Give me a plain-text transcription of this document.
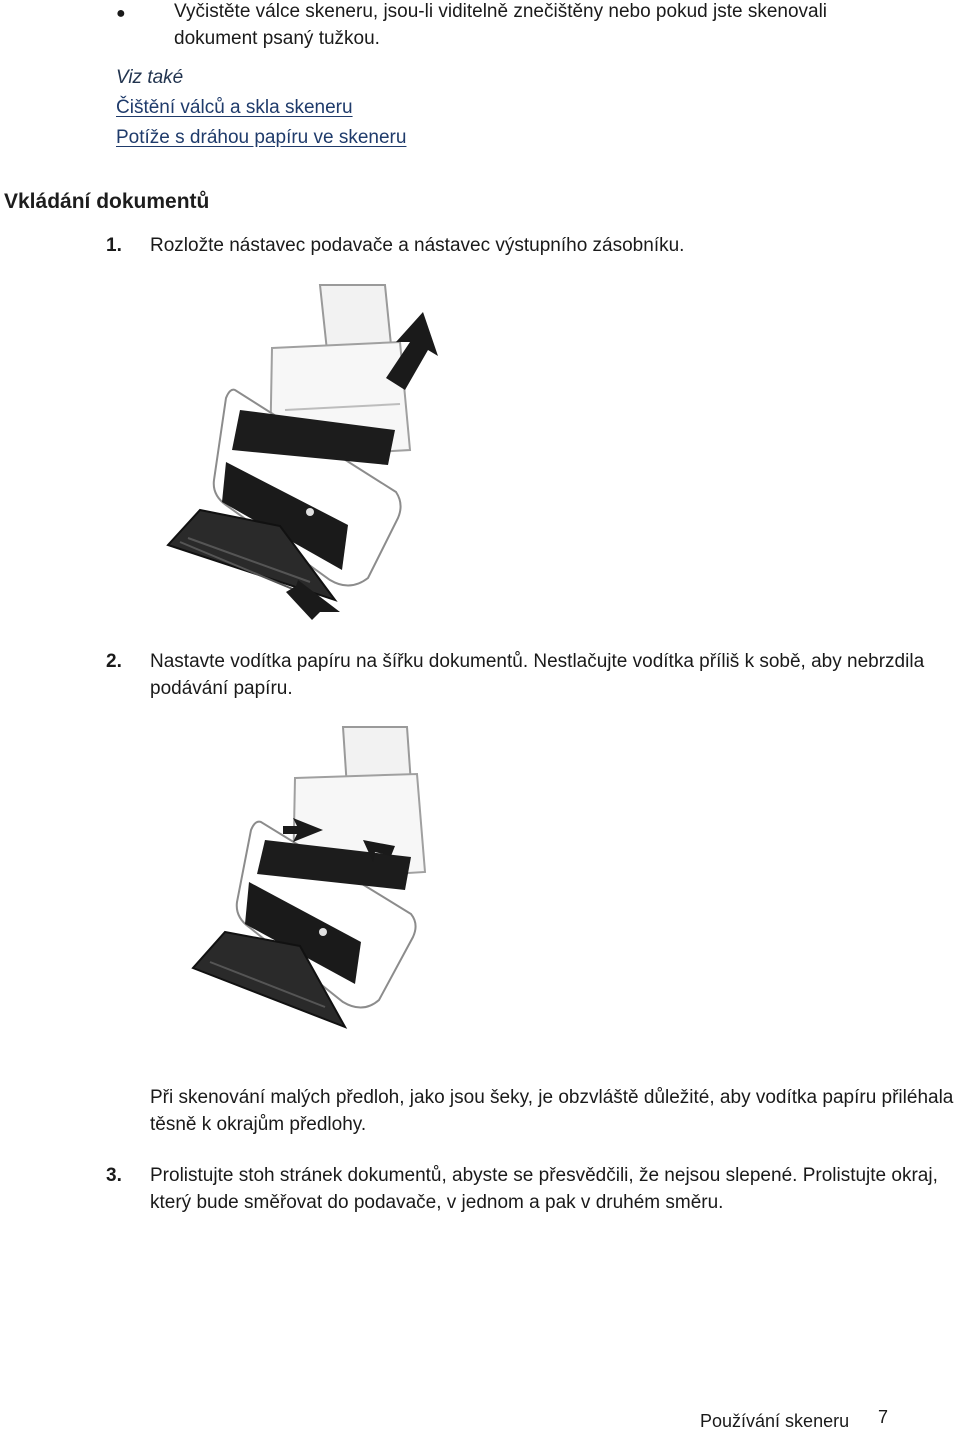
●	Vyčistěte válce skeneru, jsou-li viditelně znečištěny nebo pokud jste skenovali dokument psaný tužkou.
Viz také
Čištění válců a skla skeneru
Potíže s dráhou papíru ve skeneru
Vkládání dokumentů
1. Rozložte nástavec podavače a nástavec výstupního zásobníku.
2. Nastavte vodítka papíru na šířku dokumentů. Nestlačujte vodítka příliš k sobě, aby nebrzdila podávání papíru.
Při skenování malých předloh, jako jsou šeky, je obzvláště důležité, aby vodítka papíru přiléhala těsně k okrajům předlohy.
3. Prolistujte stoh stránek dokumentů, abyste se přesvědčili, že nejsou slepené. Prolistujte okraj, který bude směřovat do podavače, v jednom a pak v druhém směru.
Používání skeneru 7
